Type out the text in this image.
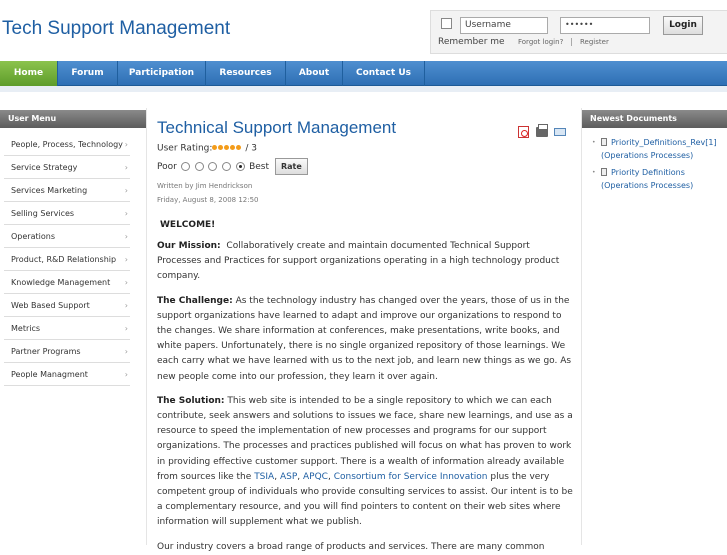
Tech Support Management	Username	••••••	Login
Remember me Forgot login? | Register
Home	Forum	Participation	Resources	About	Contact Us
User Menu
People, Process, Technology ›
Service Strategy	›
Services Marketing	›
Selling Services	›
Operations	›
Product, R&D Relationship ›
Knowledge Management ›
Web Based Support	›
Metrics	›
Partner Programs	›
People Managment	›
Technical Support Management
User Rating:	/ 3
Poor	Best Rate
Written by Jim Hendrickson
Friday, August 8, 2008 12:50
WELCOME!
Our Mission: Collaboratively create and maintain documented Technical Support Processes and Practices for support organizations operating in a high technology product company.
The Challenge: As the technology industry has changed over the years, those of us in the support organizations have learned to adapt and improve our organizations to respond to the changes. We share information at conferences, make presentations, write books, and white papers. Unfortunately, there is no single organized repository of those learnings. We each carry what we have learned with us to the next job, and learn new things as we go. As new people come into our profession, they learn it over again.
The Solution: This web site is intended to be a single repository to which we can each contribute, seek answers and solutions to issues we face, share new learnings, and use as a resource to speed the implementation of new processes and programs for our support organizations. The processes and practices published will focus on what has proven to work in providing effective customer support. There is a wealth of information already available from sources like the TSIA, ASP, APQC, Consortium for Service Innovation plus the very competent group of individuals who provide consulting services to assist. Our intent is to be a complementary resource, and you will find pointers to content on their web sites where information will supplement what we publish.
Our industry covers a broad range of products and services. There are many common
Newest Documents
• Priority_Definitions_Rev[1]
(Operations Processes)
• Priority Definitions
(Operations Processes)
